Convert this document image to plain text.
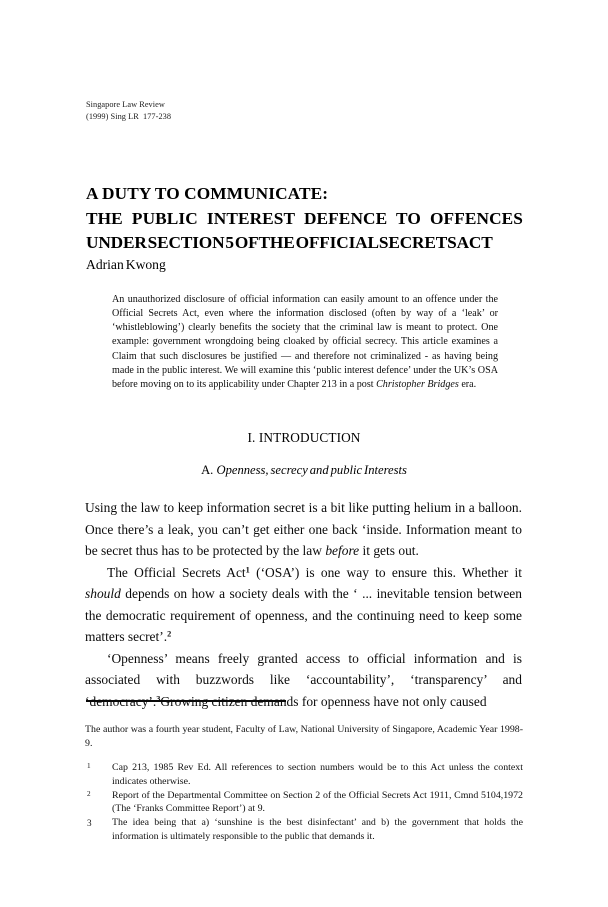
Singapore Law Review
(1999) Sing LR  177-238
A DUTY TO COMMUNICATE:
THE PUBLIC INTEREST DEFENCE TO OFFENCES
UNDER SECTION 5 OF THE OFFICIAL SECRETS ACT
Adrian Kwong
An unauthorized disclosure of official information can easily amount to an offence under the Official Secrets Act, even where the information disclosed (often by way of a ‘leak’ or ‘whistleblowing’) clearly benefits the society that the criminal law is meant to protect. One example: government wrongdoing being cloaked by official secrecy. This article examines a Claim that such disclosures be justified — and therefore not criminalized - as having being made in the public interest. We will examine this ‘public interest defence’ under the UK’s OSA before moving on to its applicability under Chapter 213 in a post Christopher Bridges era.
I. INTRODUCTION
A. Openness, secrecy and public Interests

Using the law to keep information secret is a bit like putting helium in a balloon. Once there’s a leak, you can’t get either one back ‘inside. Information meant to be secret thus has to be protected by the law before it gets out.

The Official Secrets Act$^1$ (‘OSA’) is one way to ensure this. Whether it should depends on how a society deals with the ‘ ... inevitable tension between the democratic requirement of openness, and the continuing need to keep some matters secret’.$^2$

‘Openness’ means freely granted access to official information and is associated with buzzwords like ‘accountability’, ‘transparency’ and ‘democracy’.$^3$Growing citizen demands for openness have not only caused

The author was a fourth year student, Faculty of Law, National University of Singapore, Academic Year 1998-9.
1 Cap 213, 1985 Rev Ed. All references to section numbers would be to this Act unless the context indicates otherwise.
2 Report of the Departmental Committee on Section 2 of the Official Secrets Act 1911, Cmnd 5104,1972 (The ‘Franks Committee Report’) at 9.
3 The idea being that a) ‘sunshine is the best disinfectant’ and b) the government that holds the information is ultimately responsible to the public that demands it.
